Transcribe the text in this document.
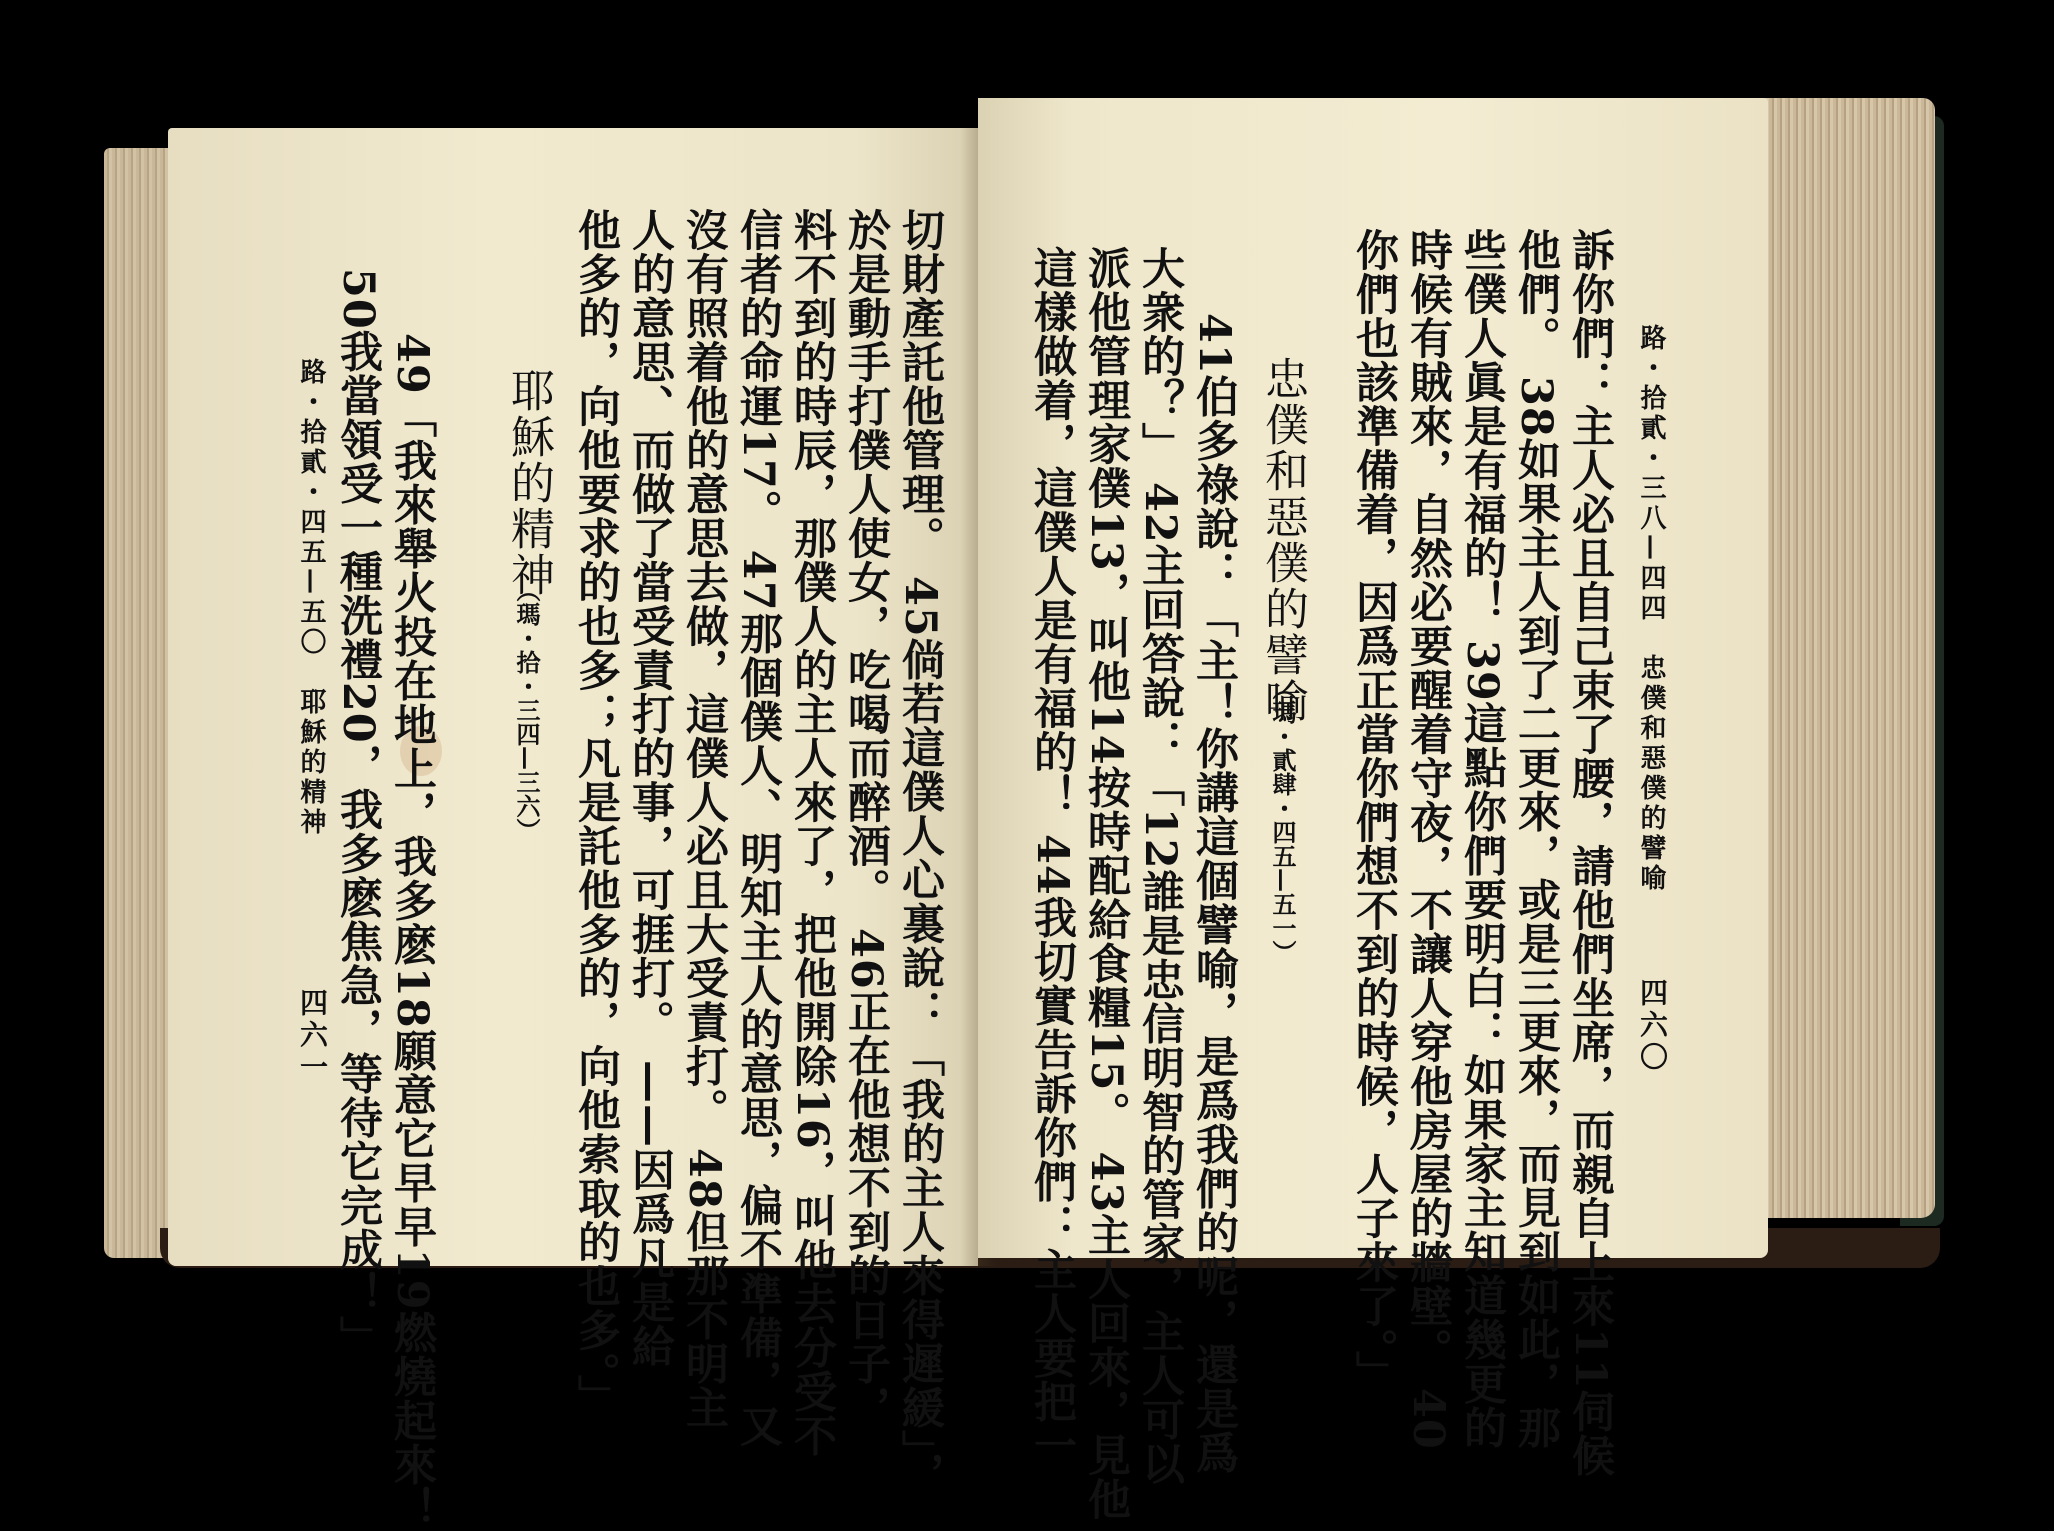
切財產託他管理。 45倘若這僕人心裏說：「我的主人來得遲緩」，
於是動手打僕人使女，吃喝而醉酒。 46正在他想不到的日子，
料不到的時辰，那僕人的主人來了，把他開除16，叫他去分受不
信者的命運17。 47那個僕人、明知主人的意思，偏不準備，又
沒有照着他的意思去做，這僕人必且大受責打。 48但那不明主
人的意思、而做了當受責打的事，可捱打。 ——因爲凡是給
他多的，向他要求的也多；凡是託他多的，向他索取的也多。」
耶穌的精神
（瑪・拾・三四—三六）
49「我來舉火投在地上，我多麽18願意它早早19燃燒起來！
50我當領受一種洗禮20，我多麽焦急，等待它完成！」
路・拾貳・四五—五〇　耶穌的精神
四六一	四六〇
路・拾貳・三八—四四　忠僕和惡僕的譬喻
訴你們：主人必且自己束了腰，請他們坐席，而親自上來11伺候
他們。 38如果主人到了二更來，或是三更來，而見到如此，那
些僕人眞是有福的！ 39這點你們要明白：如果家主知道幾更的
時候有賊來，自然必要醒着守夜，不讓人穿他房屋的牆壁。 40
你們也該準備着，因爲正當你們想不到的時候，人子來了。」
忠僕和惡僕的譬喻
（瑪・貳肆・四五—五一）
41伯多祿說：「主！你講這個譬喻，是爲我們的呢，還是爲
大衆的？」 42主回答說：「12誰是忠信明智的管家，主人可以
派他管理家僕13，叫他14按時配給食糧15。 43主人回來，見他
這樣做着，這僕人是有福的！ 44我切實告訴你們：主人要把一
